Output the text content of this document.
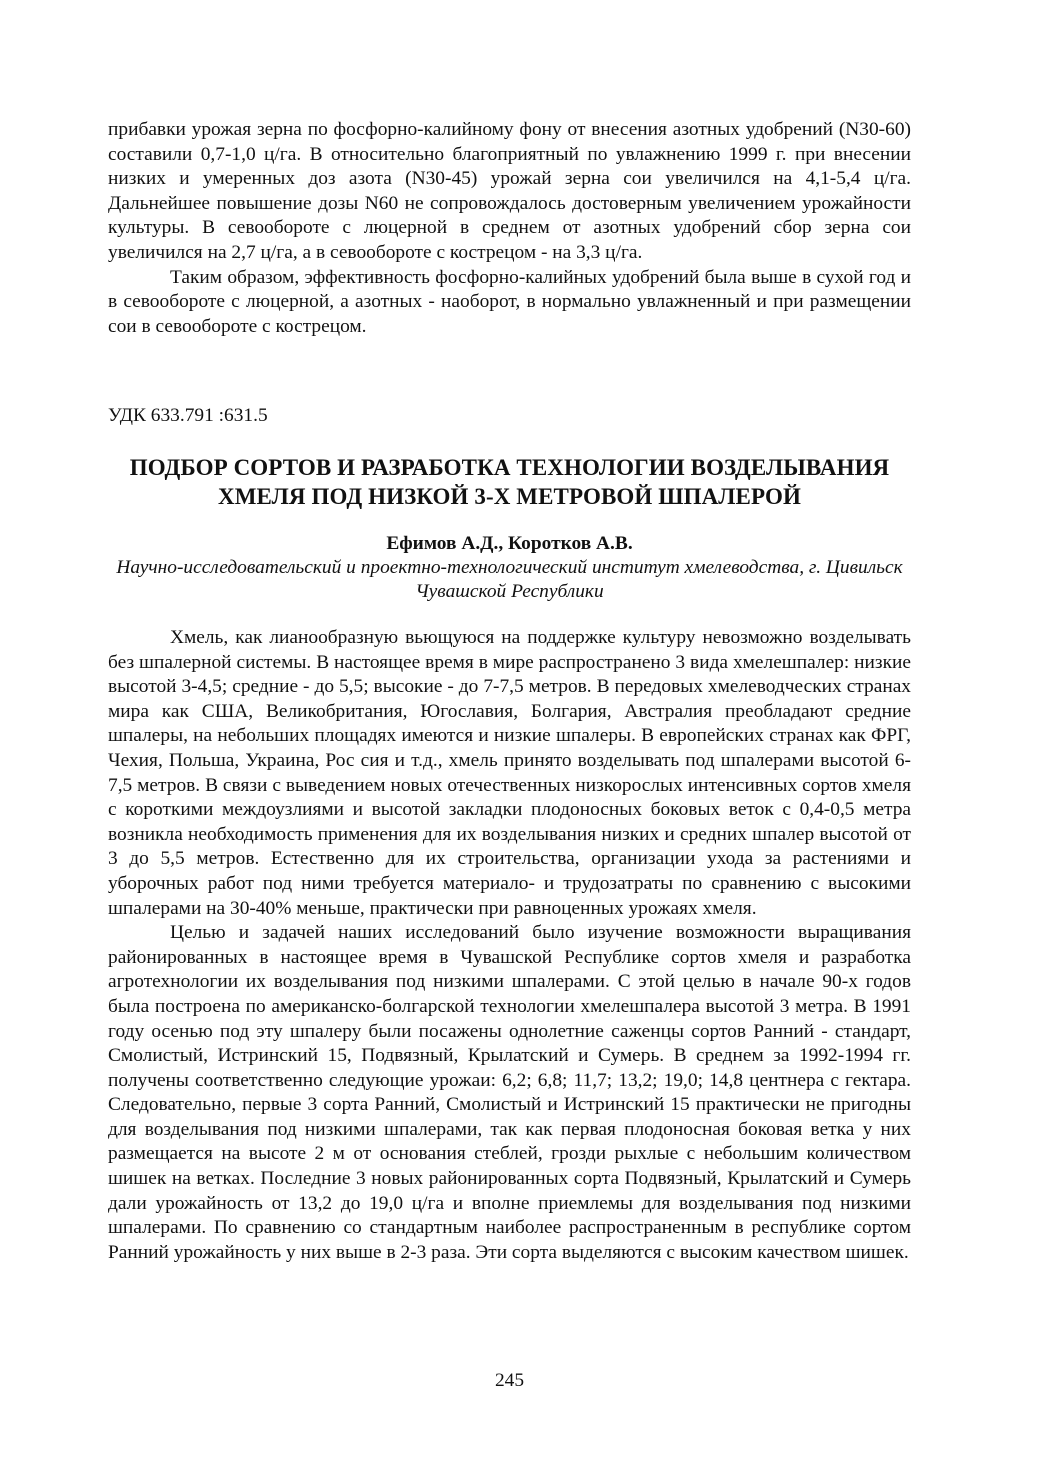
прибавки урожая зерна по фосфорно-калийному фону от внесения азотных удобрений (N30-60) составили 0,7-1,0 ц/га. В относительно благоприятный по увлажнению 1999 г. при внесении низких и умеренных доз азота (N30-45) урожай зерна сои увеличился на 4,1-5,4 ц/га. Дальнейшее повышение дозы N60 не сопровождалось достоверным увеличением урожайности культуры. В севообороте с люцерной в среднем от азотных удобрений сбор зерна сои увеличился на 2,7 ц/га, а в севообороте с кострецом - на 3,3 ц/га.

Таким образом, эффективность фосфорно-калийных удобрений была выше в сухой год и в севообороте с люцерной, а азотных - наоборот, в нормально увлажненный и при размещении сои в севообороте с кострецом.

УДК 633.791 :631.5

ПОДБОР СОРТОВ И РАЗРАБОТКА ТЕХНОЛОГИИ ВОЗДЕЛЫВАНИЯ ХМЕЛЯ ПОД НИЗКОЙ 3-Х МЕТРОВОЙ ШПАЛЕРОЙ

Ефимов А.Д., Коротков А.В.

Научно-исследовательский и проектно-технологический институт хмелеводства, г. Цивильск Чувашской Республики

Хмель, как лианообразную вьющуюся на поддержке культуру невозможно возделывать без шпалерной системы. В настоящее время в мире распространено 3 вида хмелешпалер: низкие высотой 3-4,5; средние - до 5,5; высокие - до 7-7,5 метров. В передовых хмелеводческих странах мира как США, Великобритания, Югославия, Болгария, Австралия преобладают средние шпалеры, на небольших площадях имеются и низкие шпалеры. В европейских странах как ФРГ, Чехия, Польша, Украина, Рос сия и т.д., хмель принято возделывать под шпалерами высотой 6-7,5 метров. В связи с выведением новых отечественных низкорослых интенсивных сортов хмеля с короткими междоузлиями и высотой закладки плодоносных боковых веток с 0,4-0,5 метра возникла необходимость применения для их возделывания низких и средних шпалер высотой от 3 до 5,5 метров. Естественно для их строительства, организации ухода за растениями и уборочных работ под ними требуется материало- и трудозатраты по сравнению с высокими шпалерами на 30-40% меньше, практически при равноценных урожаях хмеля.

Целью и задачей наших исследований было изучение возможности выращивания районированных в настоящее время в Чувашской Республике сортов хмеля и разработка агротехнологии их возделывания под низкими шпалерами. С этой целью в начале 90-х годов была построена по американско-болгарской технологии хмелешпалера высотой 3 метра. В 1991 году осенью под эту шпалеру были посажены однолетние саженцы сортов Ранний - стандарт, Смолистый, Истринский 15, Подвязный, Крылатский и Сумерь. В среднем за 1992-1994 гг. получены соответственно следующие урожаи: 6,2; 6,8; 11,7; 13,2; 19,0; 14,8 центнера с гектара. Следовательно, первые 3 сорта Ранний, Смолистый и Истринский 15 практически не пригодны для возделывания под низкими шпалерами, так как первая плодоносная боковая ветка у них размещается на высоте 2 м от основания стеблей, грозди рыхлые с небольшим количеством шишек на ветках. Последние 3 новых районированных сорта Подвязный, Крылатский и Сумерь дали урожайность от 13,2 до 19,0 ц/га и вполне приемлемы для возделывания под низкими шпалерами. По сравнению со стандартным наиболее распространенным в республике сортом Ранний урожайность у них выше в 2-3 раза. Эти сорта выделяются с высоким качеством шишек.

245
